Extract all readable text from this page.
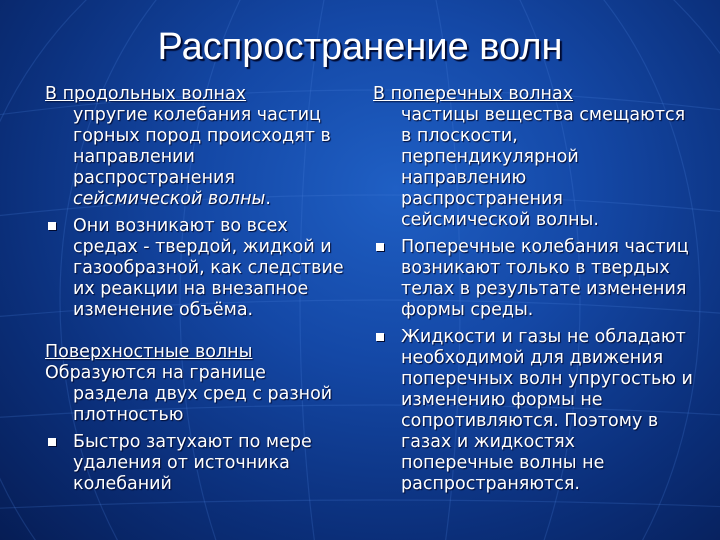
Распространение волн
В продольных волнах
упругие колебания частиц горных пород происходят в направлении распространения сейсмической волны.
Они возникают во всех средах - твердой, жидкой и газообразной, как следствие их реакции на внезапное изменение объёма.
Поверхностные волны
Образуются на границе
раздела двух сред с разной плотностью
Быстро затухают по мере удаления от источника колебаний
В поперечных волнах
частицы вещества смещаются в плоскости, перпендикулярной направлению распространения сейсмической волны.
Поперечные колебания частиц возникают только в твердых телах в результате изменения формы среды.
Жидкости и газы не обладают необходимой для движения поперечных волн упругостью и изменению формы не сопротивляются. Поэтому в газах и жидкостях поперечные волны не распространяются.
